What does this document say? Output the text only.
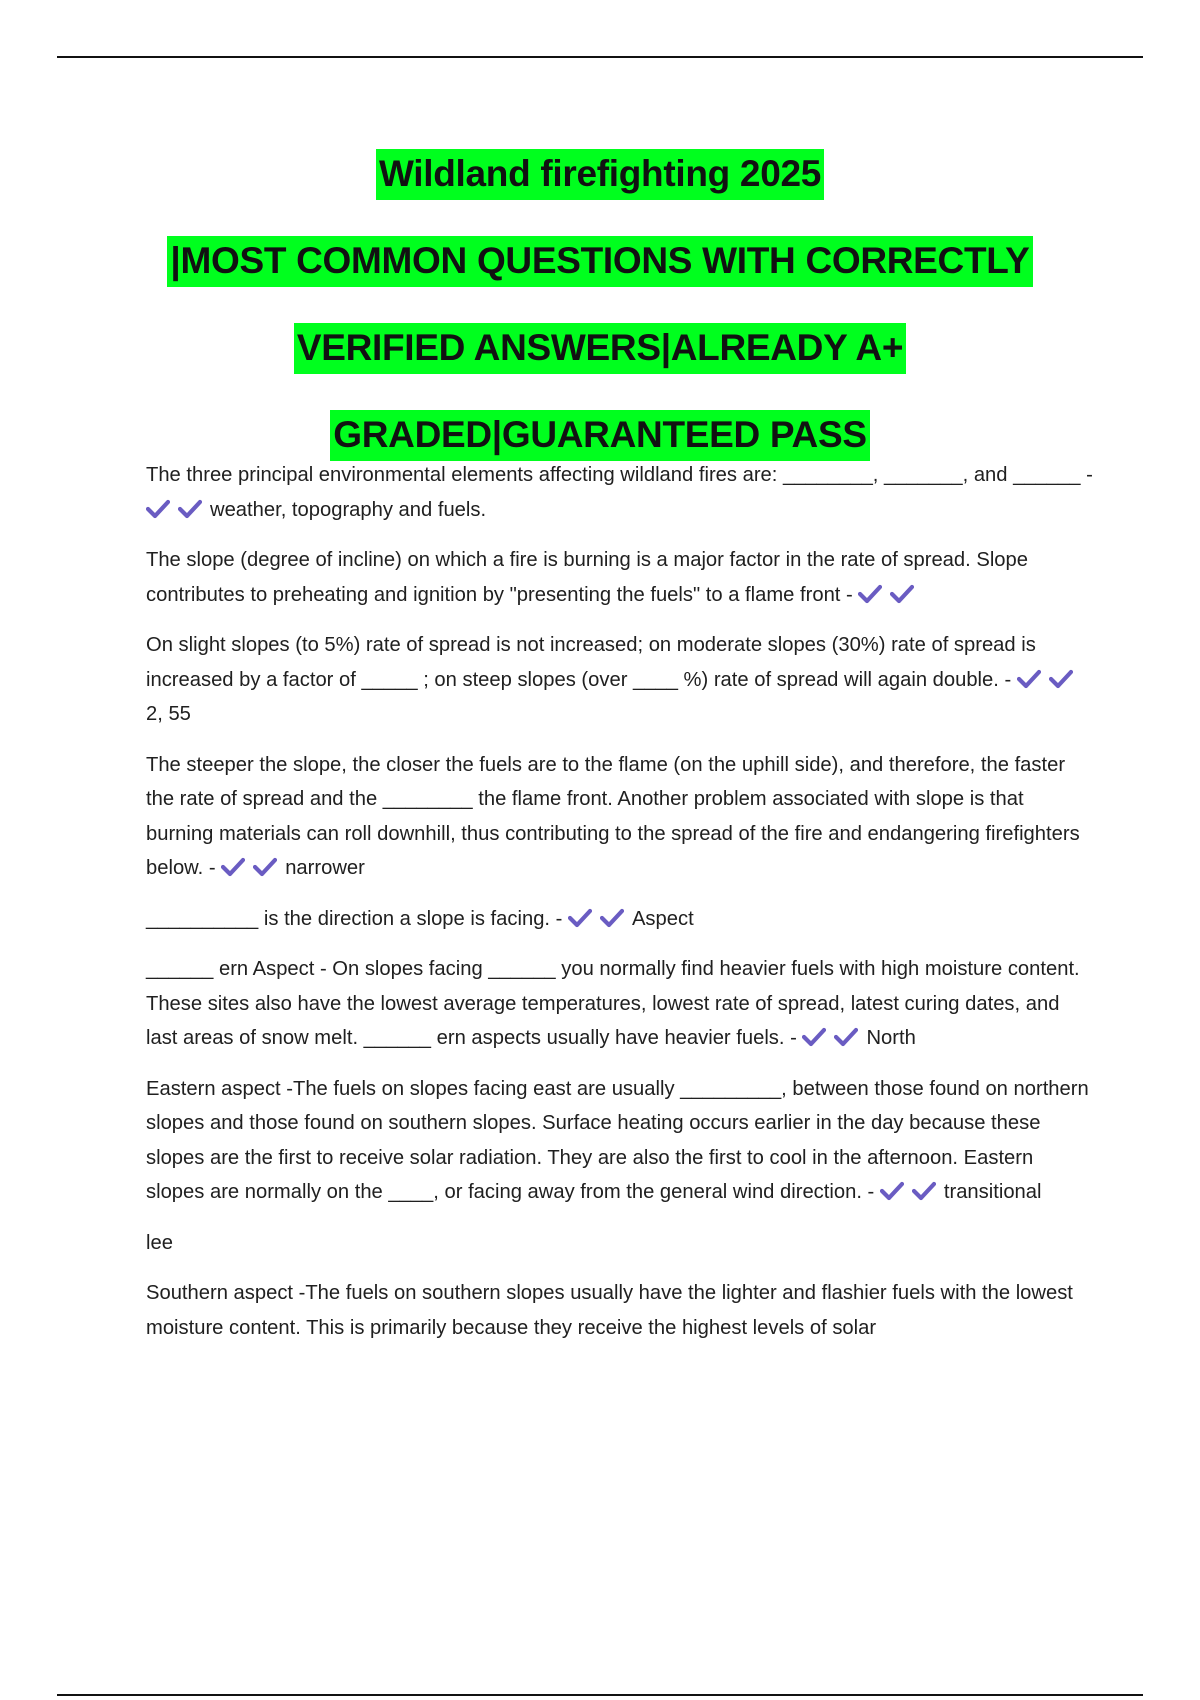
Wildland firefighting 2025
|MOST COMMON QUESTIONS WITH CORRECTLY
VERIFIED ANSWERS|ALREADY A+
GRADED|GUARANTEED PASS

The three principal environmental elements affecting wildland fires are: ________, _______, and ______ -
weather, topography and fuels.

The slope (degree of incline) on which a fire is burning is a major factor in the rate of spread. Slope contributes to preheating and ignition by "presenting the fuels" to a flame front -

On slight slopes (to 5%) rate of spread is not increased; on moderate slopes (30%) rate of spread is increased by a factor of _____ ; on steep slopes (over ____ %) rate of spread will again double. -
2, 55

The steeper the slope, the closer the fuels are to the flame (on the uphill side), and therefore, the faster the rate of spread and the ________ the flame front. Another problem associated with slope is that burning materials can roll downhill, thus contributing to the spread of the fire and endangering firefighters below. -	narrower

__________ is the direction a slope is facing. -	Aspect

______ ern Aspect - On slopes facing ______ you normally find heavier fuels with high moisture content. These sites also have the lowest average temperatures, lowest rate of spread, latest curing dates, and last areas of snow melt. ______ ern aspects usually have heavier fuels. -	North

Eastern aspect -The fuels on slopes facing east are usually _________, between those found on northern slopes and those found on southern slopes. Surface heating occurs earlier in the day because these slopes are the first to receive solar radiation. They are also the first to cool in the afternoon. Eastern slopes are normally on the ____, or facing away from the general wind direction. -	transitional

lee

Southern aspect -The fuels on southern slopes usually have the lighter and flashier fuels with the lowest moisture content. This is primarily because they receive the highest levels of solar
